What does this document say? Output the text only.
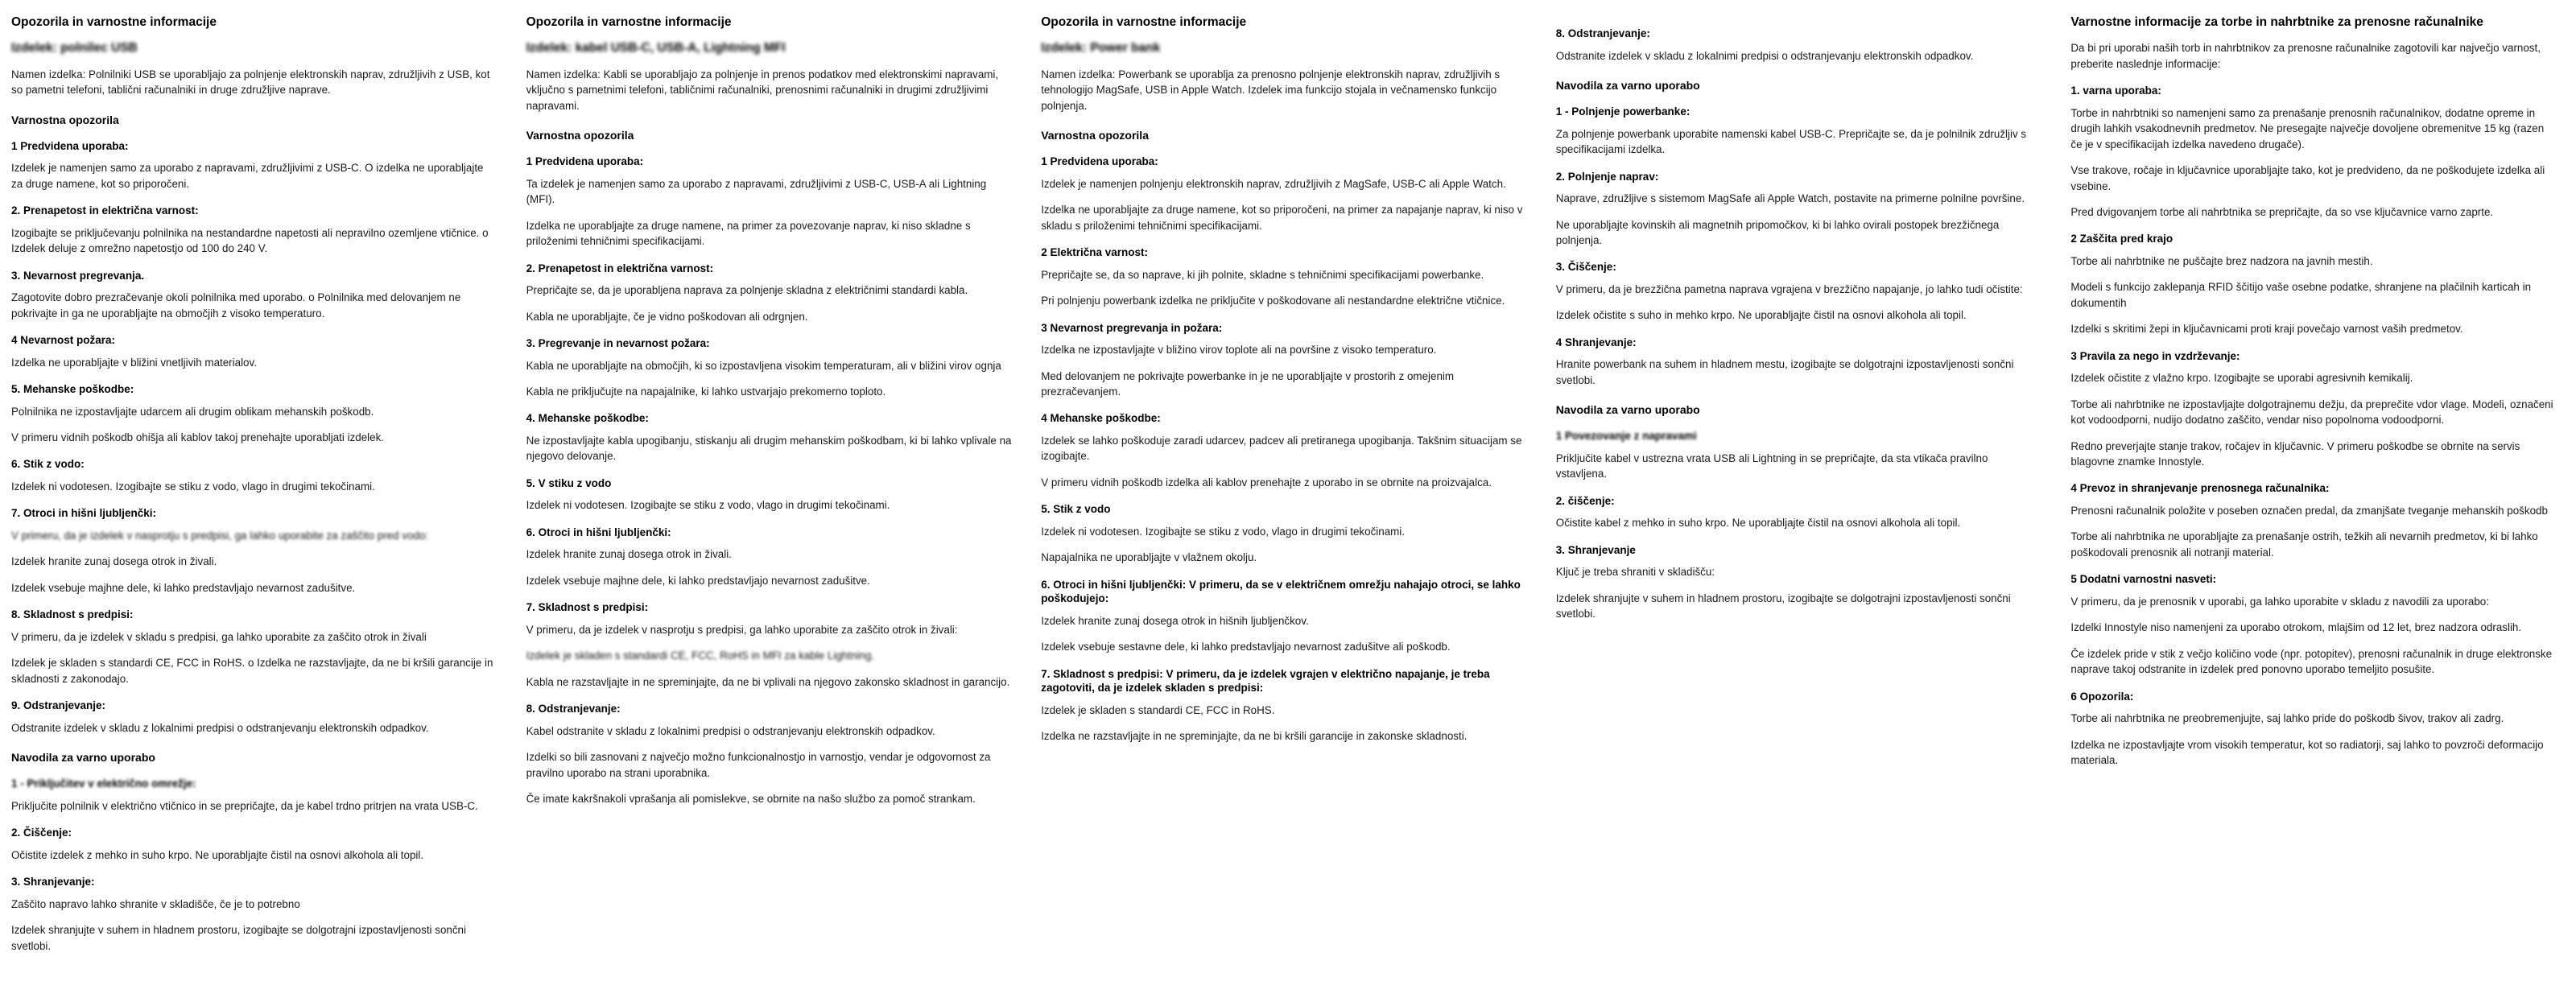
Opozorila in varnostne informacije
Izdelek: polnilec USB

Namen izdelka: Polnilniki USB se uporabljajo za polnjenje elektronskih naprav, združljivih z USB, kot so pametni telefoni, tablični računalniki in druge združljive naprave.

Varnostna opozorila
1 Predvidena uporaba:

Izdelek je namenjen samo za uporabo z napravami, združljivimi z USB-C. O izdelka ne uporabljajte za druge namene, kot so priporočeni.

2. Prenapetost in električna varnost:

Izogibajte se priključevanju polnilnika na nestandardne napetosti ali nepravilno ozemljene vtičnice. o Izdelek deluje z omrežno napetostjo od 100 do 240 V.

3. Nevarnost pregrevanja.

Zagotovite dobro prezračevanje okoli polnilnika med uporabo. o Polnilnika med delovanjem ne pokrivajte in ga ne uporabljajte na območjih z visoko temperaturo.

4 Nevarnost požara:

Izdelka ne uporabljajte v bližini vnetljivih materialov.

5. Mehanske poškodbe:

Polnilnika ne izpostavljajte udarcem ali drugim oblikam mehanskih poškodb.

V primeru vidnih poškodb ohišja ali kablov takoj prenehajte uporabljati izdelek.

6. Stik z vodo:

Izdelek ni vodotesen. Izogibajte se stiku z vodo, vlago in drugimi tekočinami.

7. Otroci in hišni ljubljenčki:

V primeru, da je izdelek v nasprotju s predpisi, ga lahko uporabite za zaščito pred vodo:

Izdelek hranite zunaj dosega otrok in živali.

Izdelek vsebuje majhne dele, ki lahko predstavljajo nevarnost zadušitve.

8. Skladnost s predpisi:

V primeru, da je izdelek v skladu s predpisi, ga lahko uporabite za zaščito otrok in živali

Izdelek je skladen s standardi CE, FCC in RoHS. o Izdelka ne razstavljajte, da ne bi kršili garancije in skladnosti z zakonodajo.

9. Odstranjevanje:

Odstranite izdelek v skladu z lokalnimi predpisi o odstranjevanju elektronskih odpadkov.

Navodila za varno uporabo
1 - Priključitev v električno omrežje:

Priključite polnilnik v električno vtičnico in se prepričajte, da je kabel trdno pritrjen na vrata USB-C.

2. Čiščenje:

Očistite izdelek z mehko in suho krpo. Ne uporabljajte čistil na osnovi alkohola ali topil.

3. Shranjevanje:

Zaščito napravo lahko shranite v skladišče, če je to potrebno

Izdelek shranjujte v suhem in hladnem prostoru, izogibajte se dolgotrajni izpostavljenosti sončni svetlobi.

Opozorila in varnostne informacije
Izdelek: kabel USB-C, USB-A, Lightning MFI

Namen izdelka: Kabli se uporabljajo za polnjenje in prenos podatkov med elektronskimi napravami, vključno s pametnimi telefoni, tabličnimi računalniki, prenosnimi računalniki in drugimi združljivimi napravami.

Varnostna opozorila
1 Predvidena uporaba:

Ta izdelek je namenjen samo za uporabo z napravami, združljivimi z USB-C, USB-A ali Lightning (MFI).

Izdelka ne uporabljajte za druge namene, na primer za povezovanje naprav, ki niso skladne s priloženimi tehničnimi specifikacijami.

2. Prenapetost in električna varnost:

Prepričajte se, da je uporabljena naprava za polnjenje skladna z električnimi standardi kabla.

Kabla ne uporabljajte, če je vidno poškodovan ali odrgnjen.

3. Pregrevanje in nevarnost požara:

Kabla ne uporabljajte na območjih, ki so izpostavljena visokim temperaturam, ali v bližini virov ognja

Kabla ne priključujte na napajalnike, ki lahko ustvarjajo prekomerno toploto.

4. Mehanske poškodbe:

Ne izpostavljajte kabla upogibanju, stiskanju ali drugim mehanskim poškodbam, ki bi lahko vplivale na njegovo delovanje.

5. V stiku z vodo

Izdelek ni vodotesen. Izogibajte se stiku z vodo, vlago in drugimi tekočinami.

6. Otroci in hišni ljubljenčki:

Izdelek hranite zunaj dosega otrok in živali.

Izdelek vsebuje majhne dele, ki lahko predstavljajo nevarnost zadušitve.

7. Skladnost s predpisi:

V primeru, da je izdelek v nasprotju s predpisi, ga lahko uporabite za zaščito otrok in živali:

Izdelek je skladen s standardi CE, FCC, RoHS in MFI za kable Lightning.

Kabla ne razstavljajte in ne spreminjajte, da ne bi vplivali na njegovo zakonsko skladnost in garancijo.

8. Odstranjevanje:

Kabel odstranite v skladu z lokalnimi predpisi o odstranjevanju elektronskih odpadkov.

Izdelki so bili zasnovani z največjo možno funkcionalnostjo in varnostjo, vendar je odgovornost za pravilno uporabo na strani uporabnika.

Če imate kakršnakoli vprašanja ali pomislekve, se obrnite na našo službo za pomoč strankam.

Opozorila in varnostne informacije
Izdelek: Power bank

Namen izdelka: Powerbank se uporablja za prenosno polnjenje elektronskih naprav, združljivih s tehnologijo MagSafe, USB in Apple Watch. Izdelek ima funkcijo stojala in večnamensko funkcijo polnjenja.

Varnostna opozorila
1 Predvidena uporaba:

Izdelek je namenjen polnjenju elektronskih naprav, združljivih z MagSafe, USB-C ali Apple Watch.

Izdelka ne uporabljajte za druge namene, kot so priporočeni, na primer za napajanje naprav, ki niso v skladu s priloženimi tehničnimi specifikacijami.

2 Električna varnost:

Prepričajte se, da so naprave, ki jih polnite, skladne s tehničnimi specifikacijami powerbanke.

Pri polnjenju powerbank izdelka ne priključite v poškodovane ali nestandardne električne vtičnice.

3 Nevarnost pregrevanja in požara:

Izdelka ne izpostavljajte v bližino virov toplote ali na površine z visoko temperaturo.

Med delovanjem ne pokrivajte powerbanke in je ne uporabljajte v prostorih z omejenim prezračevanjem.

4 Mehanske poškodbe:

Izdelek se lahko poškoduje zaradi udarcev, padcev ali pretiranega upogibanja. Takšnim situacijam se izogibajte.

V primeru vidnih poškodb izdelka ali kablov prenehajte z uporabo in se obrnite na proizvajalca.

5. Stik z vodo

Izdelek ni vodotesen. Izogibajte se stiku z vodo, vlago in drugimi tekočinami.

Napajalnika ne uporabljajte v vlažnem okolju.

6. Otroci in hišni ljubljenčki: V primeru, da se v električnem omrežju nahajajo otroci, se lahko poškodujejo:

Izdelek hranite zunaj dosega otrok in hišnih ljubljenčkov.

Izdelek vsebuje sestavne dele, ki lahko predstavljajo nevarnost zadušitve ali poškodb.

7. Skladnost s predpisi: V primeru, da je izdelek vgrajen v električno napajanje, je treba zagotoviti, da je izdelek skladen s predpisi:

Izdelek je skladen s standardi CE, FCC in RoHS.

Izdelka ne razstavljajte in ne spreminjajte, da ne bi kršili garancije in zakonske skladnosti.

8. Odstranjevanje:

Odstranite izdelek v skladu z lokalnimi predpisi o odstranjevanju elektronskih odpadkov.

Navodila za varno uporabo
1 - Polnjenje powerbanke:

Za polnjenje powerbank uporabite namenski kabel USB-C. Prepričajte se, da je polnilnik združljiv s specifikacijami izdelka.

2. Polnjenje naprav:

Naprave, združljive s sistemom MagSafe ali Apple Watch, postavite na primerne polnilne površine.

Ne uporabljajte kovinskih ali magnetnih pripomočkov, ki bi lahko ovirali postopek brezžičnega polnjenja.

3. Čiščenje:

V primeru, da je brezžična pametna naprava vgrajena v brezžično napajanje, jo lahko tudi očistite:

Izdelek očistite s suho in mehko krpo. Ne uporabljajte čistil na osnovi alkohola ali topil.

4 Shranjevanje:

Hranite powerbank na suhem in hladnem mestu, izogibajte se dolgotrajni izpostavljenosti sončni svetlobi.

Navodila za varno uporabo
1 Povezovanje z napravami

Priključite kabel v ustrezna vrata USB ali Lightning in se prepričajte, da sta vtikača pravilno vstavljena.

2. čiščenje:

Očistite kabel z mehko in suho krpo. Ne uporabljajte čistil na osnovi alkohola ali topil.

3. Shranjevanje

Ključ je treba shraniti v skladišču:

Izdelek shranjujte v suhem in hladnem prostoru, izogibajte se dolgotrajni izpostavljenosti sončni svetlobi.

Varnostne informacije za torbe in nahrbtnike za prenosne računalnike

Da bi pri uporabi naših torb in nahrbtnikov za prenosne računalnike zagotovili kar največjo varnost, preberite naslednje informacije:

1. varna uporaba:

Torbe in nahrbtniki so namenjeni samo za prenašanje prenosnih računalnikov, dodatne opreme in drugih lahkih vsakodnevnih predmetov. Ne presegajte največje dovoljene obremenitve 15 kg (razen če je v specifikacijah izdelka navedeno drugače).

Vse trakove, ročaje in ključavnice uporabljajte tako, kot je predvideno, da ne poškodujete izdelka ali vsebine.

Pred dvigovanjem torbe ali nahrbtnika se prepričajte, da so vse ključavnice varno zaprte.

2 Zaščita pred krajo

Torbe ali nahrbtnike ne puščajte brez nadzora na javnih mestih.

Modeli s funkcijo zaklepanja RFID ščitijo vaše osebne podatke, shranjene na plačilnih karticah in dokumentih

Izdelki s skritimi žepi in ključavnicami proti kraji povečajo varnost vaših predmetov.

3 Pravila za nego in vzdrževanje:

Izdelek očistite z vlažno krpo. Izogibajte se uporabi agresivnih kemikalij.

Torbe ali nahrbtnike ne izpostavljajte dolgotrajnemu dežju, da preprečite vdor vlage. Modeli, označeni kot vodoodporni, nudijo dodatno zaščito, vendar niso popolnoma vodoodporni.

Redno preverjajte stanje trakov, ročajev in ključavnic. V primeru poškodbe se obrnite na servis blagovne znamke Innostyle.

4 Prevoz in shranjevanje prenosnega računalnika:

Prenosni računalnik položite v poseben označen predal, da zmanjšate tveganje mehanskih poškodb

Torbe ali nahrbtnika ne uporabljajte za prenašanje ostrih, težkih ali nevarnih predmetov, ki bi lahko poškodovali prenosnik ali notranji material.

5 Dodatni varnostni nasveti:

V primeru, da je prenosnik v uporabi, ga lahko uporabite v skladu z navodili za uporabo:

Izdelki Innostyle niso namenjeni za uporabo otrokom, mlajšim od 12 let, brez nadzora odraslih.

Če izdelek pride v stik z večjo količino vode (npr. potopitev), prenosni računalnik in druge elektronske naprave takoj odstranite in izdelek pred ponovno uporabo temeljito posušite.

6 Opozorila:

Torbe ali nahrbtnika ne preobremenjujte, saj lahko pride do poškodb šivov, trakov ali zadrg.

Izdelka ne izpostavljajte vrom visokih temperatur, kot so radiatorji, saj lahko to povzroči deformacijo materiala.
